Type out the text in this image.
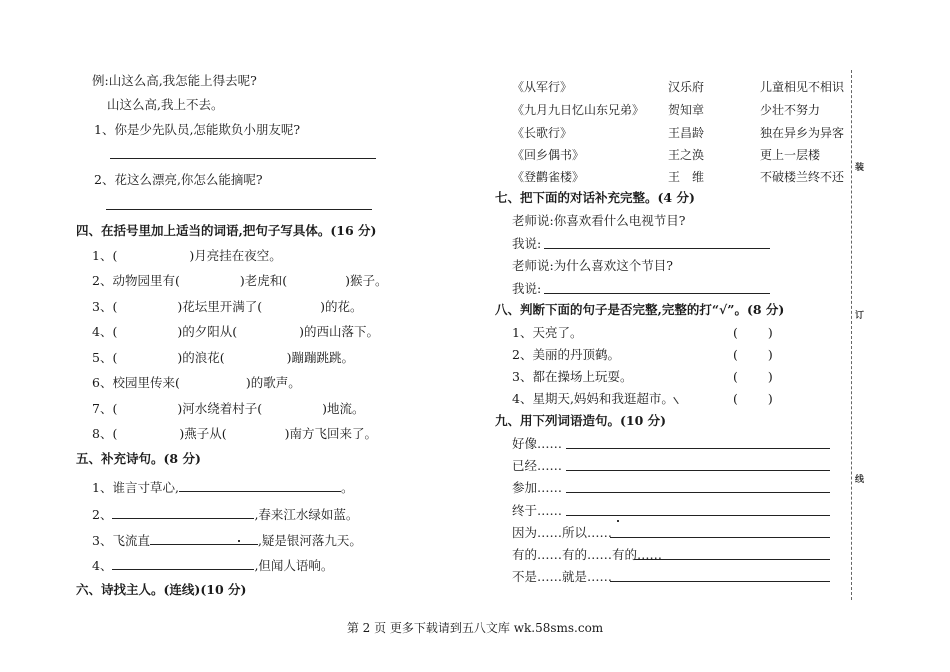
例:山这么高,我怎能上得去呢?
山这么高,我上不去。
1、你是少先队员,怎能欺负小朋友呢?
2、花这么漂亮,你怎么能摘呢?
四、在括号里加上适当的词语,把句子写具体。(16 分)
1、(	)月亮挂在夜空。
2、动物园里有(	)老虎和(	)猴子。
3、(	)花坛里开满了(	)的花。
4、(	)的夕阳从(	)的西山落下。
5、(	)的浪花(	)蹦蹦跳跳。
6、校园里传来(	)的歌声。
7、(	)河水绕着村子(	)地流。
8、(	)燕子从(	)南方飞回来了。
五、补充诗句。(8 分)
1、谁言寸草心,	。
2、	,春来江水绿如蓝。
3、飞流直	,疑是银河落九天。
4、	,但闻人语响。
六、诗找主人。(连线)(10 分)
《从军行》	汉乐府	儿童相见不相识
《九月九日忆山东兄弟》 贺知章	少壮不努力
《长歌行》	王昌龄	独在异乡为异客
《回乡偶书》	王之涣	更上一层楼
《登鹳雀楼》	王　维	不破楼兰终不还
七、把下面的对话补充完整。(4 分)
老师说:你喜欢看什么电视节目?
我说:
老师说:为什么喜欢这个节目?
我说:
八、判断下面的句子是否完整,完整的打“√”。(8 分)
1、天亮了。	( )
2、美丽的丹顶鹤。	( )
3、都在操场上玩耍。	( )
4、星期天,妈妈和我逛超市。	( )
九、用下列词语造句。(10 分)
好像……
已经……
参加……
终于……
因为……所以……
有的……有的……有的……
不是……就是……
装
订
线
第 2 页 更多下载请到五八文库 wk.58sms.com
